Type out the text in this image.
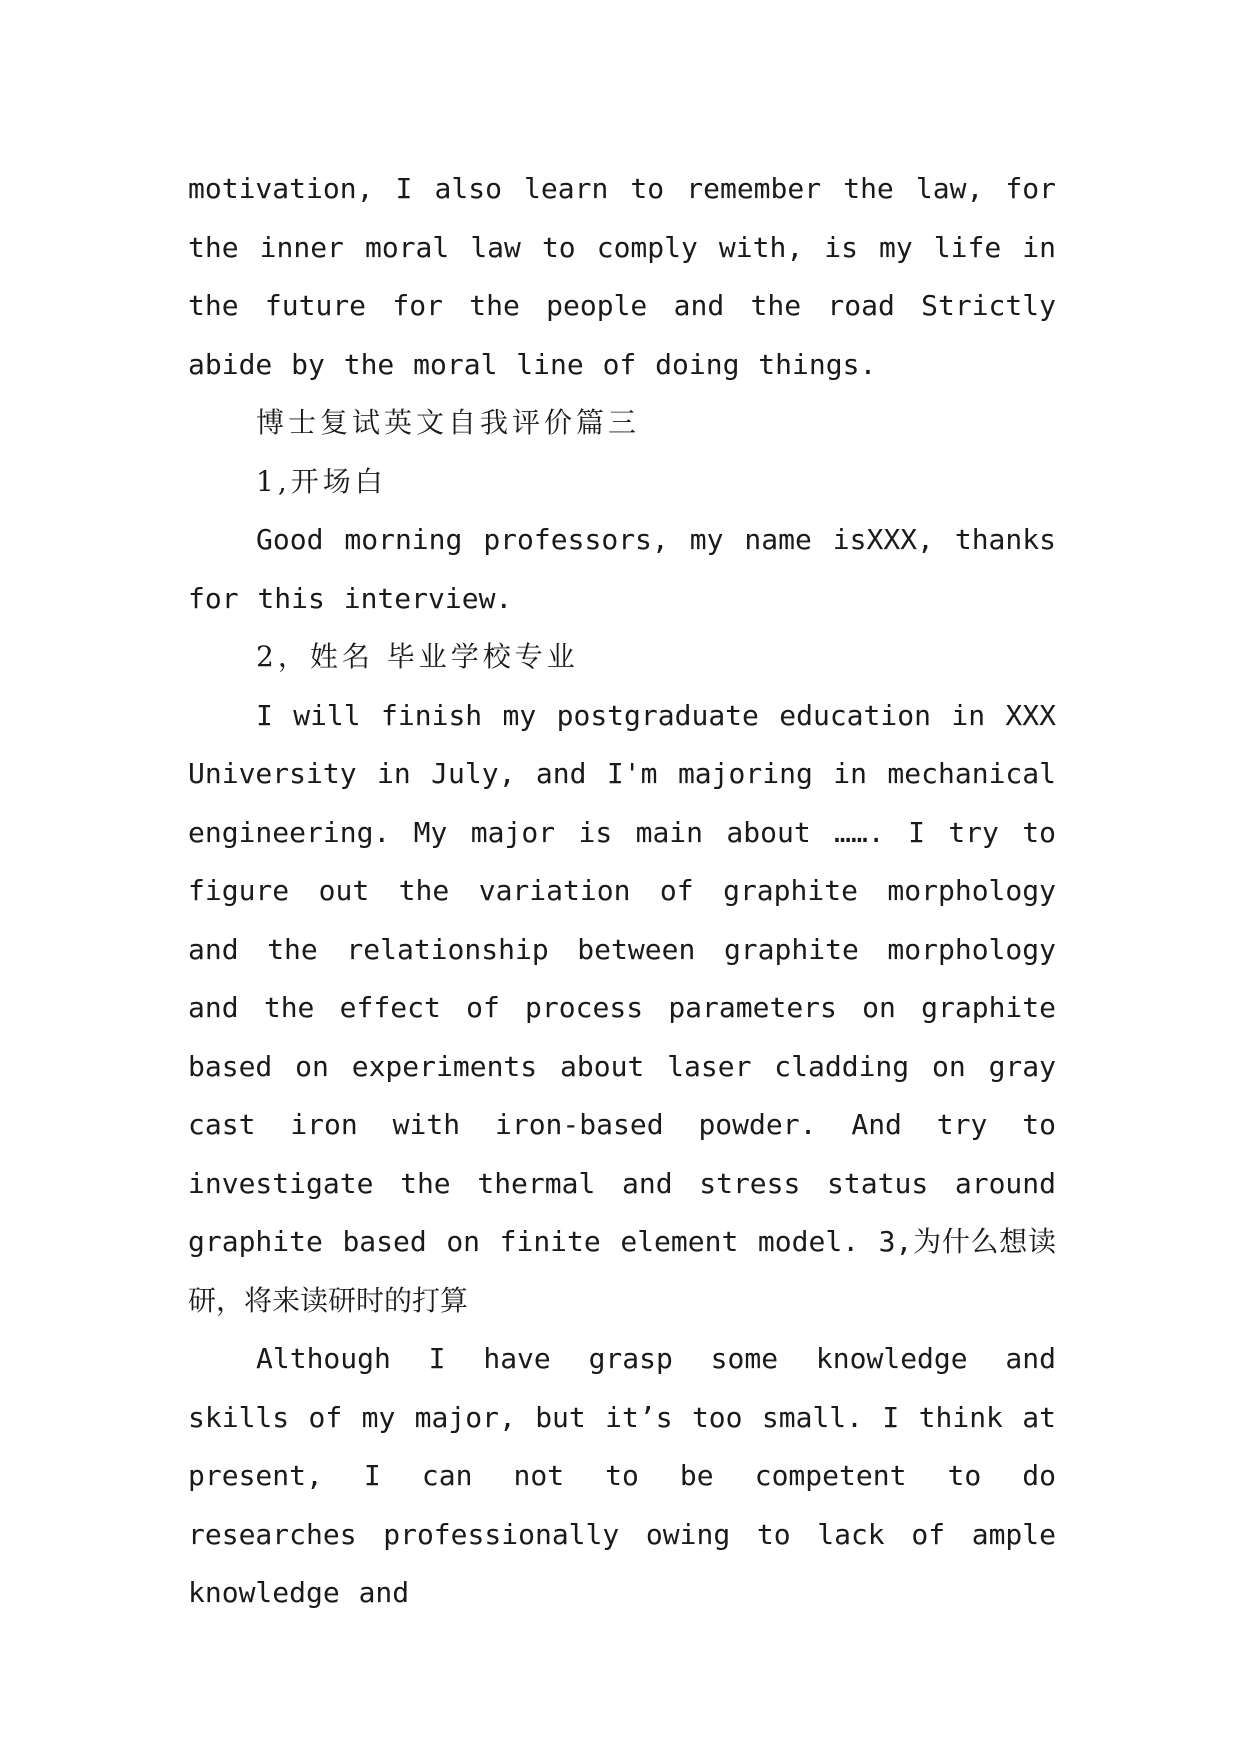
motivation, I also learn to remember the law, for the inner moral law to comply with, is my life in the future for the people and the road Strictly abide by the moral line of doing things.

博士复试英文自我评价篇三

1,开场白

Good morning professors, my name isXXX, thanks for this interview.

2，姓名 毕业学校专业

I will finish my postgraduate education in XXX University in July, and I'm majoring in mechanical engineering. My major is main about ……. I try to figure out the variation of graphite morphology and the relationship between graphite morphology and the effect of process parameters on graphite based on experiments about laser cladding on gray cast iron with iron-based powder. And try to investigate the thermal and stress status around graphite based on finite element model. 3,为什么想读研，将来读研时的打算

Although I have grasp some knowledge and skills of my major, but it’s too small. I think at present, I can not to be competent to do researches professionally owing to lack of ample knowledge and
